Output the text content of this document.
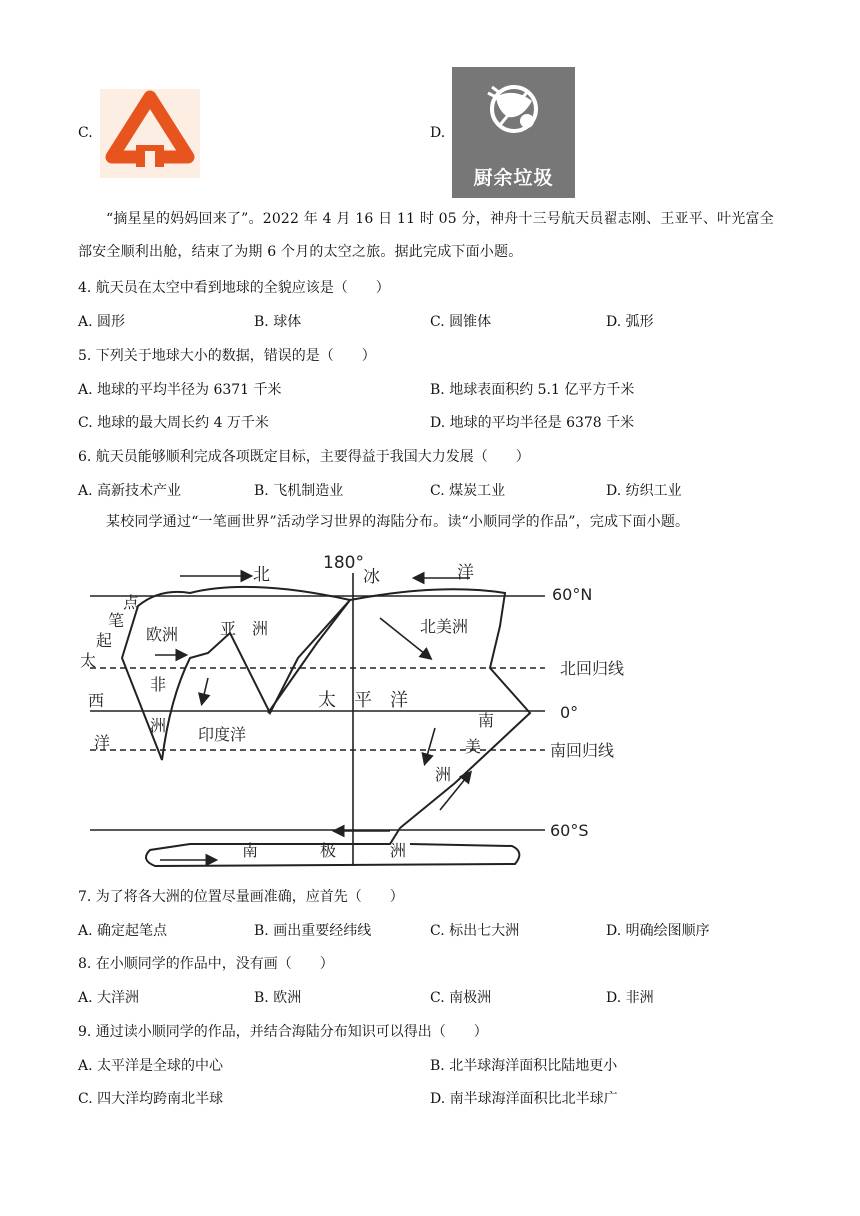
C.	D.
厨余垃圾
“摘星星的妈妈回来了”。2022 年 4 月 16 日 11 时 05 分，神舟十三号航天员翟志刚、王亚平、叶光富全部安全顺利出舱，结束了为期 6 个月的太空之旅。据此完成下面小题。
4. 航天员在太空中看到地球的全貌应该是（　　）
A. 圆形	B. 球体	C. 圆锥体	D. 弧形
5. 下列关于地球大小的数据，错误的是（　　）
A. 地球的平均半径为 6371 千米	B. 地球表面积约 5.1 亿平方千米
C. 地球的最大周长约 4 万千米	D. 地球的平均半径是 6378 千米
6. 航天员能够顺利完成各项既定目标，主要得益于我国大力发展（　　）
A. 高新技术产业	B. 飞机制造业	C. 煤炭工业	D. 纺织工业
某校同学通过“一笔画世界”活动学习世界的海陆分布。读“小顺同学的作品”，完成下面小题。
180°
60°N
北回归线
0°
南回归线
60°S
北	冰	洋
点
笔
起
太
西
洋
欧洲	亚　洲
非
洲 印度洋
太　平　洋
北美洲
南
美
洲
南	极	洲
7. 为了将各大洲的位置尽量画准确，应首先（　　）
A. 确定起笔点	B. 画出重要经纬线	C. 标出七大洲	D. 明确绘图顺序
8. 在小顺同学的作品中，没有画（　　）
A. 大洋洲	B. 欧洲	C. 南极洲	D. 非洲
9. 通过读小顺同学的作品，并结合海陆分布知识可以得出（　　）
A. 太平洋是全球的中心	B. 北半球海洋面积比陆地更小
C. 四大洋均跨南北半球	D. 南半球海洋面积比北半球广
